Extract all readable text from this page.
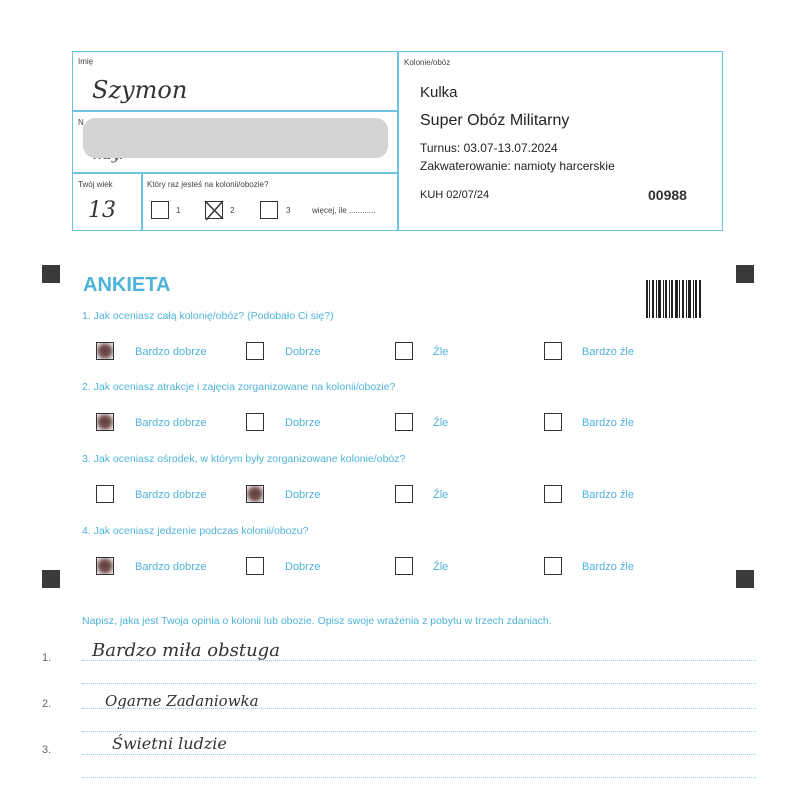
Imię
Szymon
N
Twój wiek
13
Który raz jesteś na kolonii/obozie?
1	2	3	więcej, ile ............
Kolonie/obóz
Kulka
Super Obóz Militarny
Turnus: 03.07-13.07.2024
Zakwaterowanie: namioty harcerskie
KUH 02/07/24	00988
ANKIETA
1. Jak oceniasz całą kolonię/obóz? (Podobało Ci się?)
Bardzo dobrze	Dobrze	Źle	Bardzo źle
2. Jak oceniasz atrakcje i zajęcia zorganizowane na kolonii/obozie?
Bardzo dobrze	Dobrze	Źle	Bardzo źle
3. Jak oceniasz ośrodek, w którym były zorganizowane kolonie/obóz?
Bardzo dobrze	Dobrze	Źle	Bardzo źle
4. Jak oceniasz jedzenie podczas kolonii/obozu?
Bardzo dobrze	Dobrze	Źle	Bardzo źle
Napisz, jaka jest Twoja opinia o kolonii lub obozie. Opisz swoje wrażenia z pobytu w trzech zdaniach.
1. Bardzo miła obstuga
2.	Ogarne Zadaniowka
3.	Świetni ludzie
